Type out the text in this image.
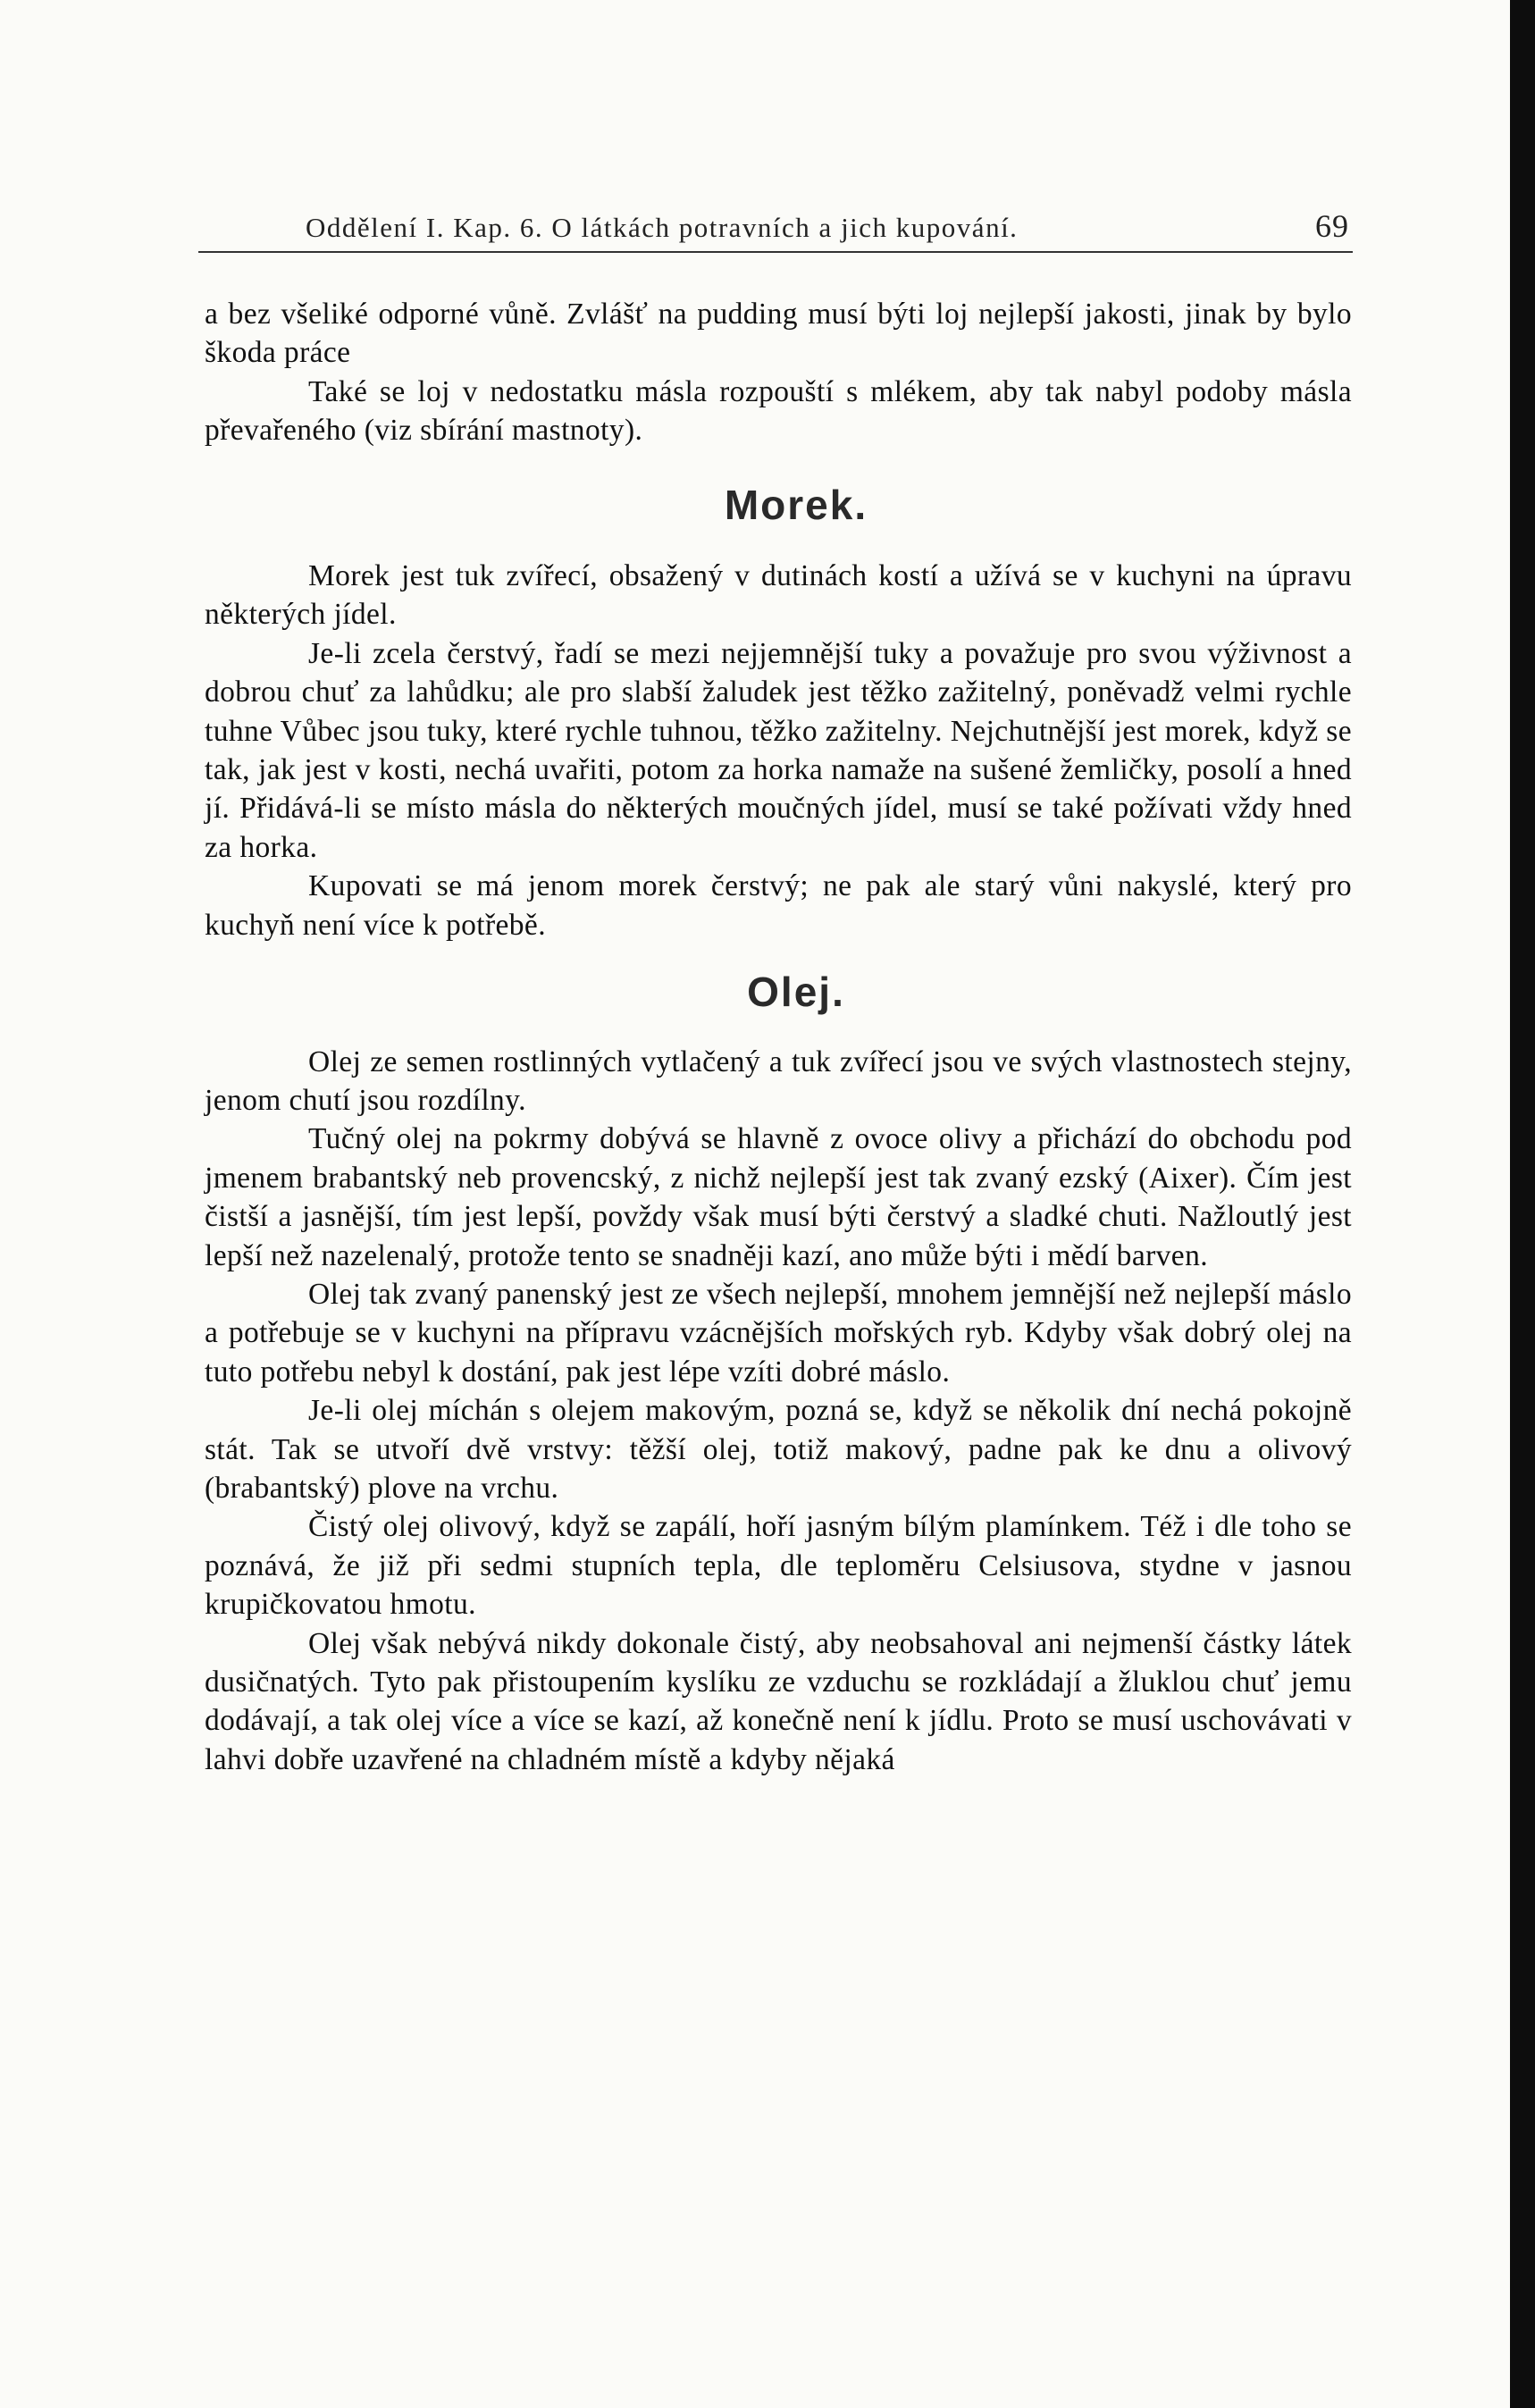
Oddělení I. Kap. 6. O látkách potravních a jich kupování.	69

a bez všeliké odporné vůně. Zvlášť na pudding musí býti loj nejlepší jakosti, jinak by bylo škoda práce

Také se loj v nedostatku másla rozpouští s mlékem, aby tak nabyl podoby másla převařeného (viz sbírání mastnoty).

Morek.

Morek jest tuk zvířecí, obsažený v dutinách kostí a užívá se v kuchyni na úpravu některých jídel.

Je-li zcela čerstvý, řadí se mezi nejjemnější tuky a považuje pro svou výživnost a dobrou chuť za lahůdku; ale pro slabší žaludek jest těžko zažitelný, poněvadž velmi rychle tuhne Vůbec jsou tuky, které rychle tuhnou, těžko zažitelny. Nejchutnější jest morek, když se tak, jak jest v kosti, nechá uvařiti, potom za horka namaže na sušené žemličky, posolí a hned jí. Přidává-li se místo másla do některých moučných jídel, musí se také požívati vždy hned za horka.

Kupovati se má jenom morek čerstvý; ne pak ale starý vůni nakyslé, který pro kuchyň není více k potřebě.

Olej.

Olej ze semen rostlinných vytlačený a tuk zvířecí jsou ve svých vlastnostech stejny, jenom chutí jsou rozdílny.

Tučný olej na pokrmy dobývá se hlavně z ovoce olivy a přichází do obchodu pod jmenem brabantský neb provencský, z nichž nejlepší jest tak zvaný ezský (Aixer). Čím jest čistší a jasnější, tím jest lepší, povždy však musí býti čerstvý a sladké chuti. Nažloutlý jest lepší než nazelenalý, protože tento se snadněji kazí, ano může býti i mědí barven.

Olej tak zvaný panenský jest ze všech nejlepší, mnohem jemnější než nejlepší máslo a potřebuje se v kuchyni na přípravu vzácnějších mořských ryb. Kdyby však dobrý olej na tuto potřebu nebyl k dostání, pak jest lépe vzíti dobré máslo.

Je-li olej míchán s olejem makovým, pozná se, když se několik dní nechá pokojně stát. Tak se utvoří dvě vrstvy: těžší olej, totiž makový, padne pak ke dnu a olivový (brabantský) plove na vrchu.

Čistý olej olivový, když se zapálí, hoří jasným bílým plamínkem. Též i dle toho se poznává, že již při sedmi stupních tepla, dle teploměru Celsiusova, stydne v jasnou krupičkovatou hmotu.

Olej však nebývá nikdy dokonale čistý, aby neobsahoval ani nejmenší částky látek dusičnatých. Tyto pak přistoupením kyslíku ze vzduchu se rozkládají a žluklou chuť jemu dodávají, a tak olej více a více se kazí, až konečně není k jídlu. Proto se musí uschovávati v lahvi dobře uzavřené na chladném místě a kdyby nějaká
